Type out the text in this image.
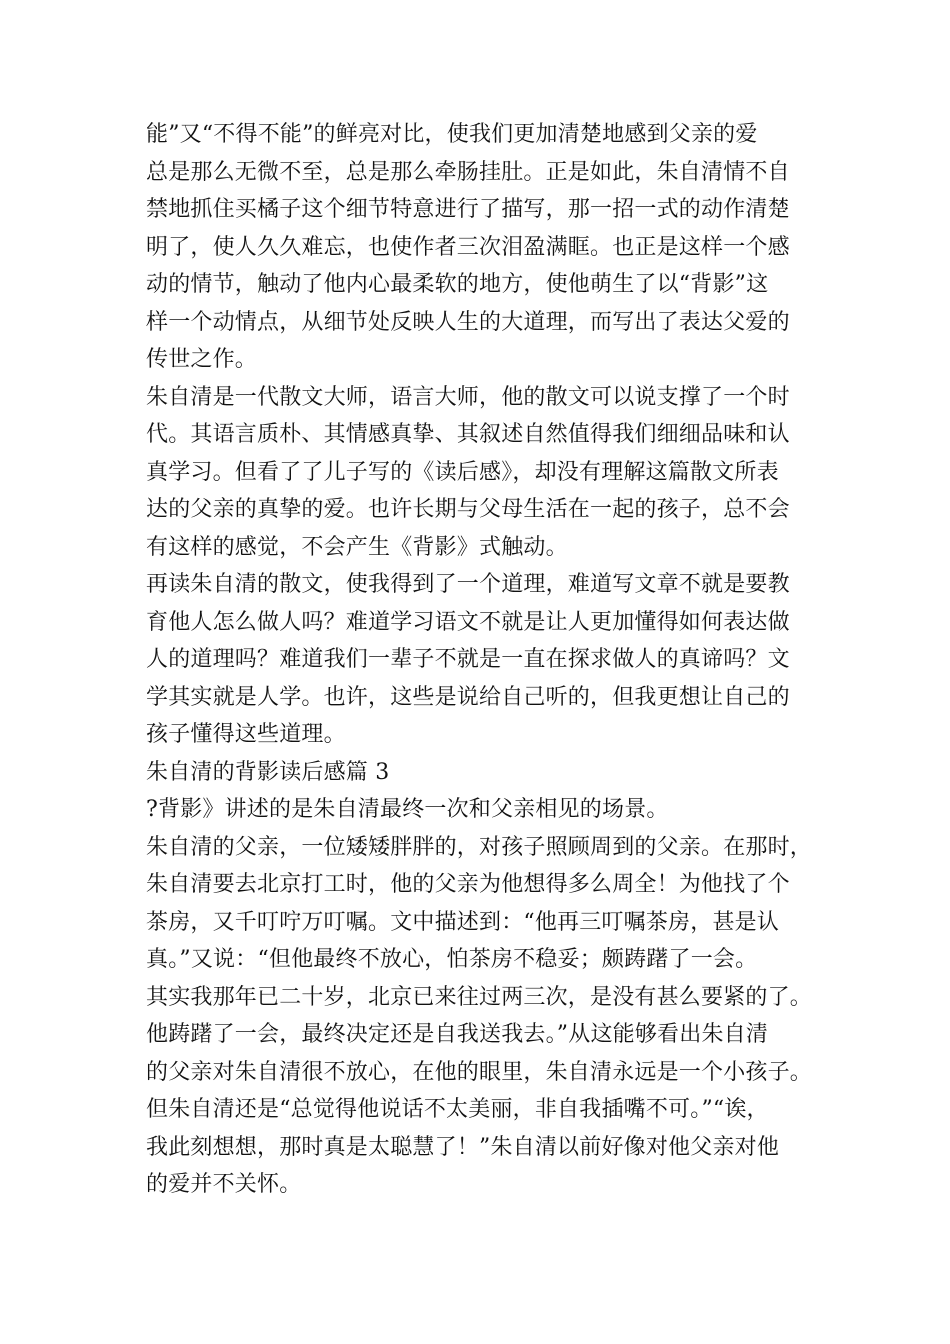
能”又“不得不能”的鲜亮对比，使我们更加清楚地感到父亲的爱
总是那么无微不至，总是那么牵肠挂肚。正是如此，朱自清情不自
禁地抓住买橘子这个细节特意进行了描写，那一招一式的动作清楚
明了，使人久久难忘，也使作者三次泪盈满眶。也正是这样一个感
动的情节，触动了他内心最柔软的地方，使他萌生了以“背影”这
样一个动情点，从细节处反映人生的大道理，而写出了表达父爱的
传世之作。
朱自清是一代散文大师，语言大师，他的散文可以说支撑了一个时
代。其语言质朴、其情感真挚、其叙述自然值得我们细细品味和认
真学习。但看了了儿子写的《读后感》，却没有理解这篇散文所表
达的父亲的真挚的爱。也许长期与父母生活在一起的孩子，总不会
有这样的感觉，不会产生《背影》式触动。
再读朱自清的散文，使我得到了一个道理，难道写文章不就是要教
育他人怎么做人吗？难道学习语文不就是让人更加懂得如何表达做
人的道理吗？难道我们一辈子不就是一直在探求做人的真谛吗？文
学其实就是人学。也许，这些是说给自己听的，但我更想让自己的
孩子懂得这些道理。
朱自清的背影读后感篇 3
?背影》讲述的是朱自清最终一次和父亲相见的场景。
朱自清的父亲，一位矮矮胖胖的，对孩子照顾周到的父亲。在那时，
朱自清要去北京打工时，他的父亲为他想得多么周全！为他找了个
茶房，又千叮咛万叮嘱。文中描述到：“他再三叮嘱茶房，甚是认
真。”又说：“但他最终不放心，怕茶房不稳妥；颇踌躇了一会。
其实我那年已二十岁，北京已来往过两三次，是没有甚么要紧的了。
他踌躇了一会，最终决定还是自我送我去。”从这能够看出朱自清
的父亲对朱自清很不放心，在他的眼里，朱自清永远是一个小孩子。
但朱自清还是“总觉得他说话不太美丽，非自我插嘴不可。”“诶，
我此刻想想，那时真是太聪慧了！”朱自清以前好像对他父亲对他
的爱并不关怀。
